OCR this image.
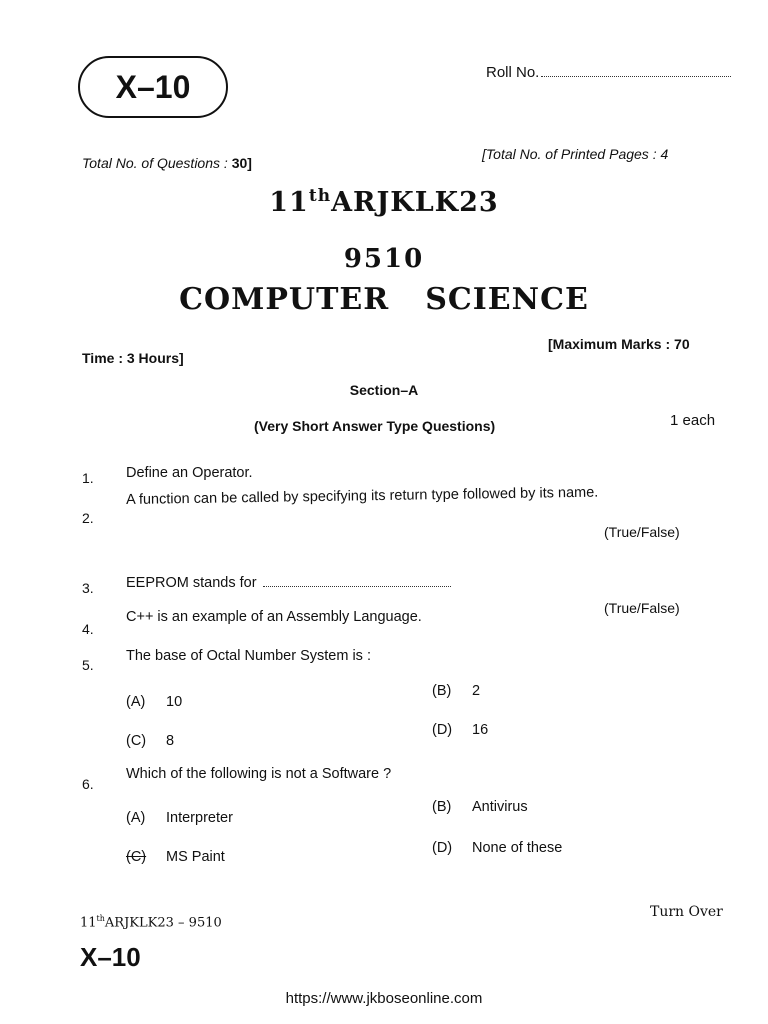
X–10	Roll No.
Total No. of Questions : 30]
[Total No. of Printed Pages : 4
11thARJKLK23
9510
COMPUTER SCIENCE
Time : 3 Hours]
[Maximum Marks : 70
Section–A
(Very Short Answer Type Questions)	1 each
1. Define an Operator.
2.
A function can be called by specifying its return type followed by its name.
(True/False)
3. EEPROM stands for
4.
C++ is an example of an Assembly Language.
(True/False)
5.
The base of Octal Number System is :
(A) 10
(B) 2
(C) 8
(D) 16
6.
Which of the following is not a Software ?
(A) Interpreter
(B) Antivirus
(C) MS Paint
(D) None of these
11thARJKLK23 – 9510
Turn Over
X–10
https://www.jkboseonline.com
